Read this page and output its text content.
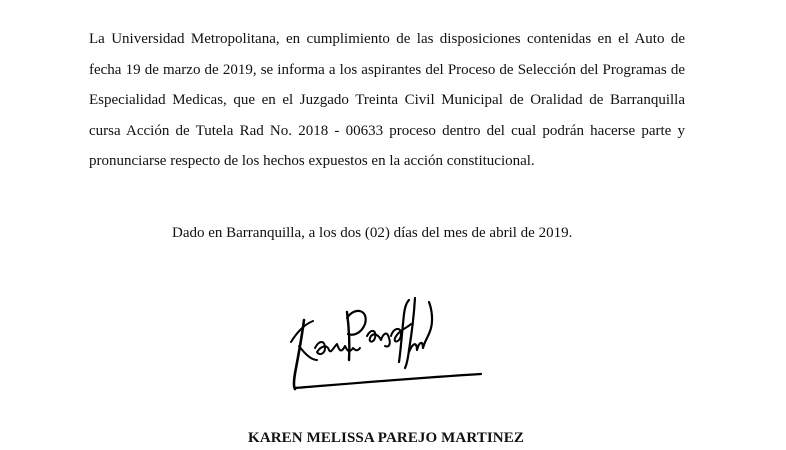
La Universidad Metropolitana, en cumplimiento de las disposiciones contenidas en el Auto de fecha 19 de marzo de 2019, se informa a los aspirantes del Proceso de Selección del Programas de Especialidad Medicas, que en el Juzgado Treinta Civil Municipal de Oralidad de Barranquilla cursa Acción de Tutela Rad No. 2018 - 00633 proceso dentro del cual podrán hacerse parte y pronunciarse respecto de los hechos expuestos en la acción constitucional.

Dado en Barranquilla, a los dos (02) días del mes de abril de 2019.

KAREN MELISSA PAREJO MARTINEZ
